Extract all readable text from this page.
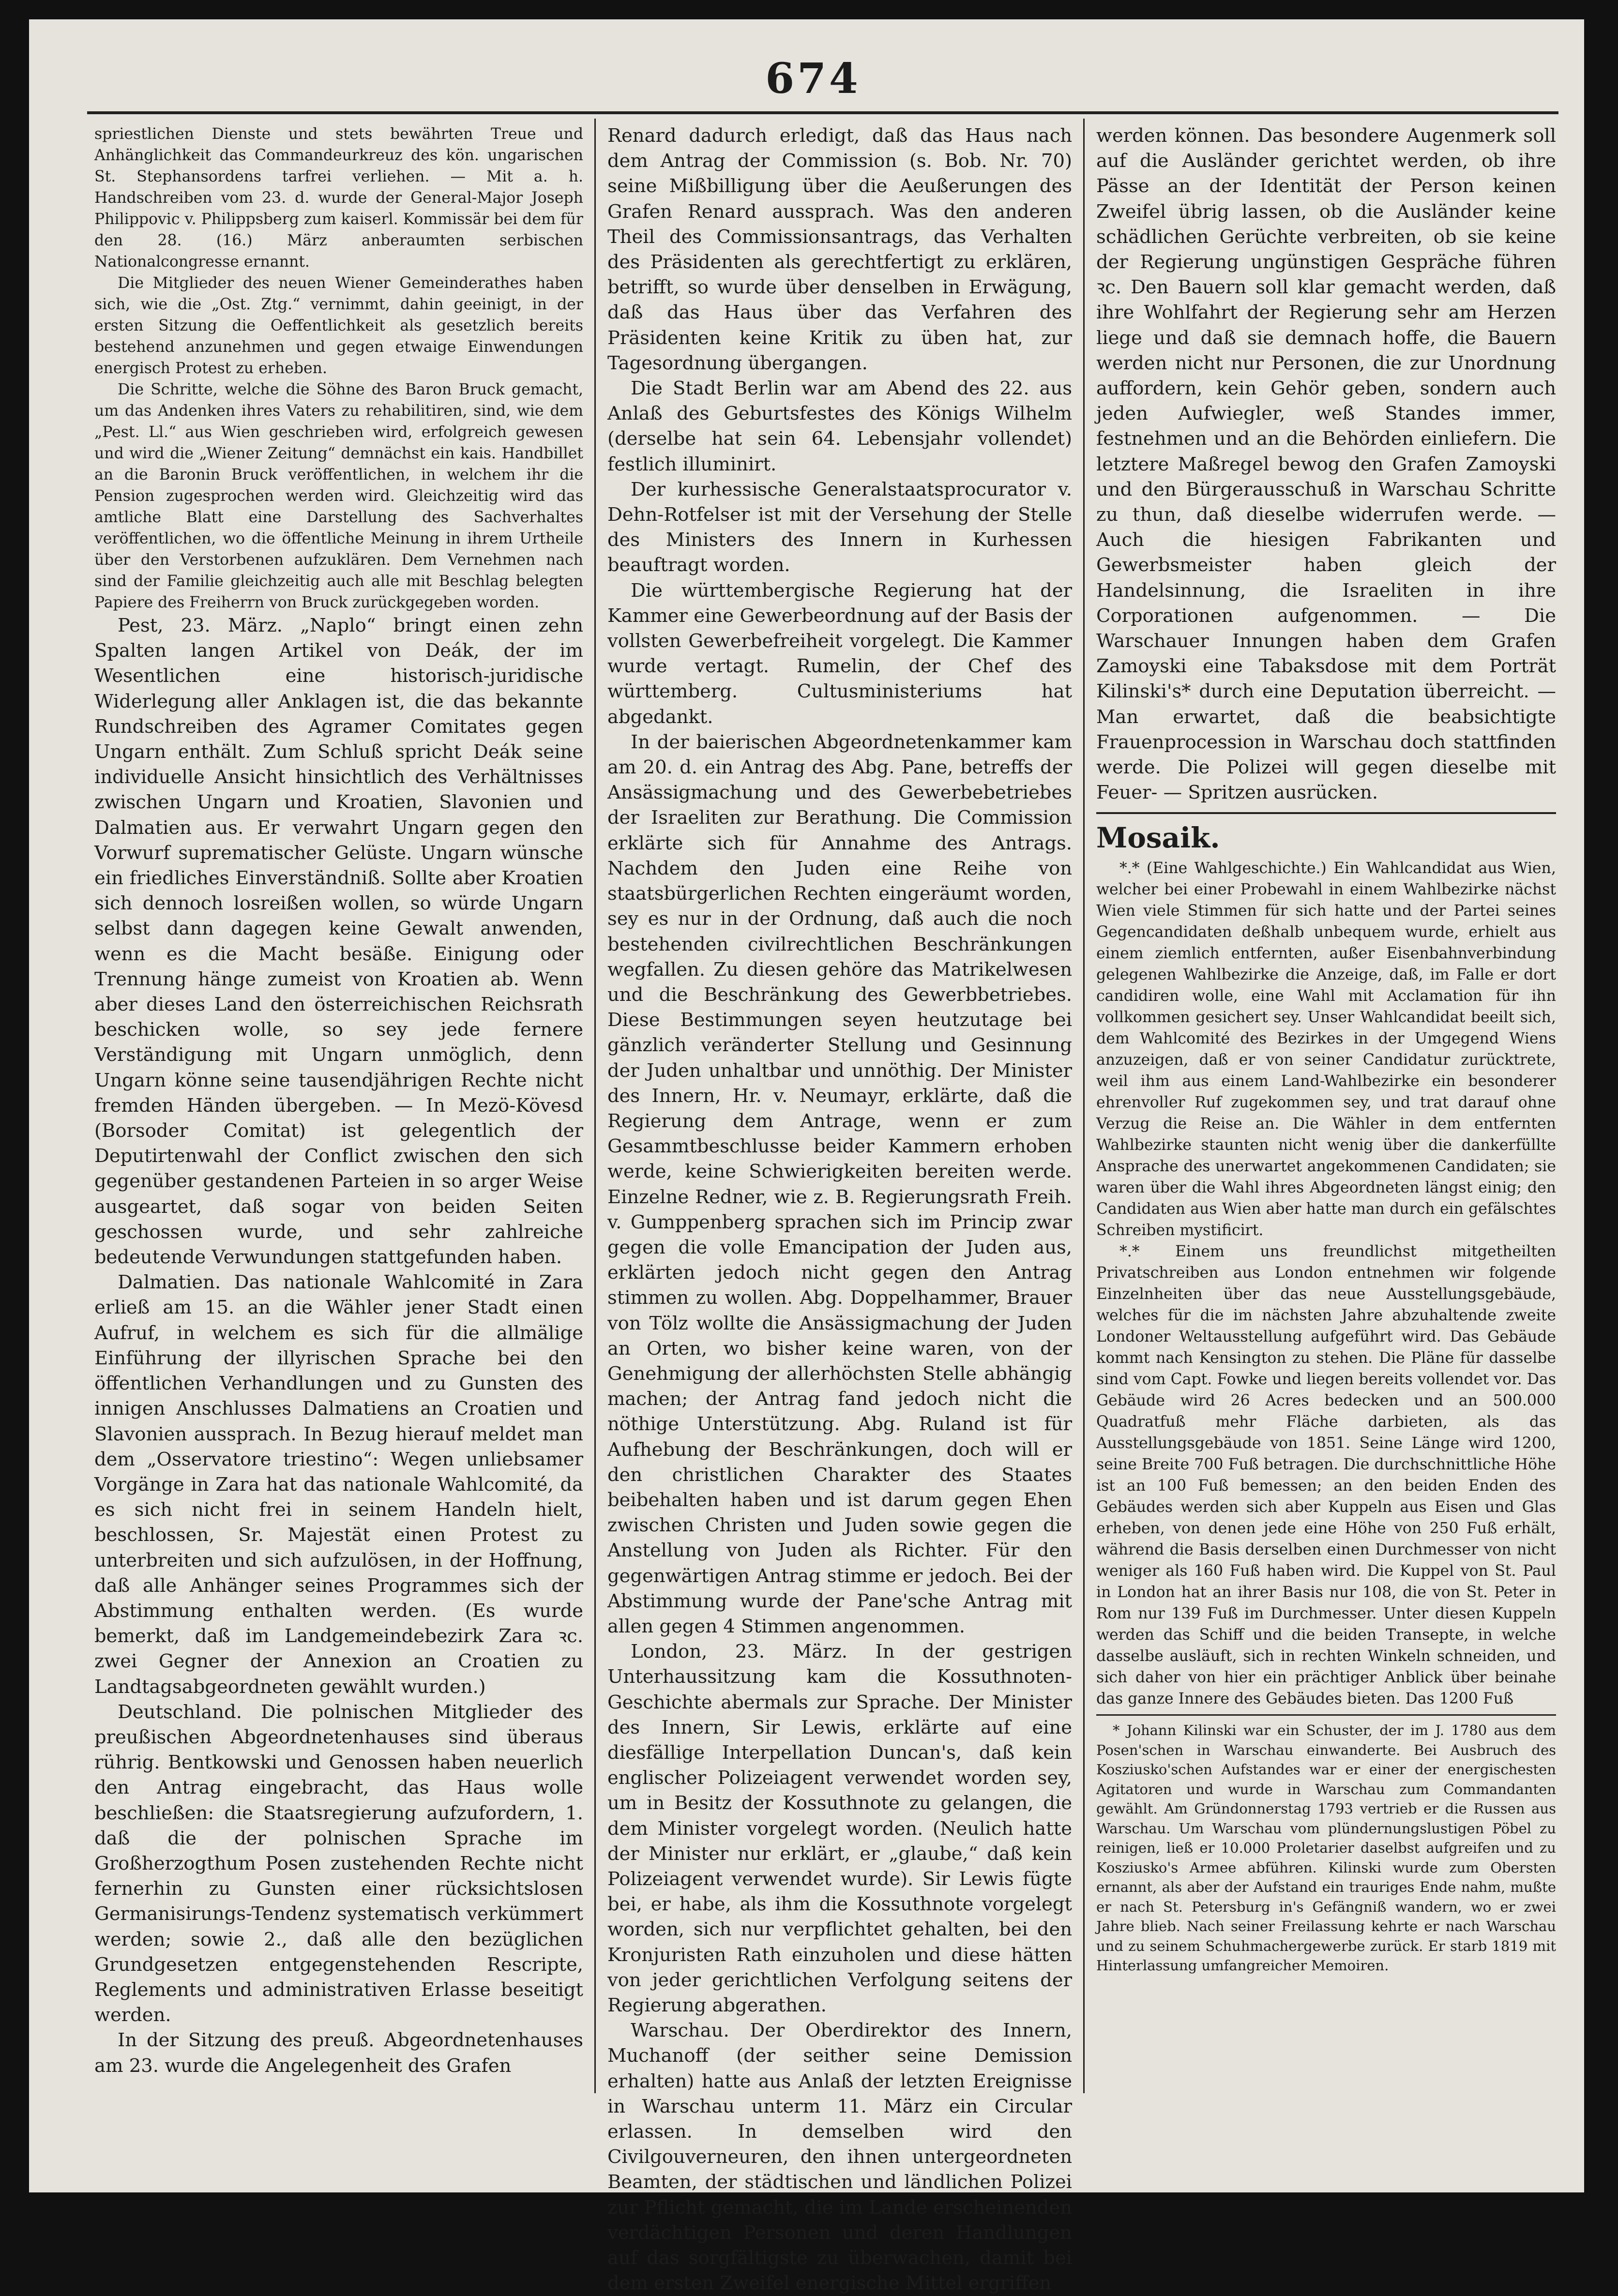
674

spriestlichen Dienste und stets bewährten Treue und Anhänglichkeit das Commandeurkreuz des kön. ungarischen St. Stephansordens tarfrei verliehen. — Mit a. h. Handschreiben vom 23. d. wurde der General-Major Joseph Philippovic v. Philippsberg zum kaiserl. Kommissär bei dem für den 28. (16.) März anberaumten serbischen Nationalcongresse ernannt.

Die Mitglieder des neuen Wiener Gemeinderathes haben sich, wie die „Ost. Ztg.“ vernimmt, dahin geeinigt, in der ersten Sitzung die Oeffentlichkeit als gesetzlich bereits bestehend anzunehmen und gegen etwaige Einwendungen energisch Protest zu erheben.

Die Schritte, welche die Söhne des Baron Bruck gemacht, um das Andenken ihres Vaters zu rehabilitiren, sind, wie dem „Pest. Ll.“ aus Wien geschrieben wird, erfolgreich gewesen und wird die „Wiener Zeitung“ demnächst ein kais. Handbillet an die Baronin Bruck veröffentlichen, in welchem ihr die Pension zugesprochen werden wird. Gleichzeitig wird das amtliche Blatt eine Darstellung des Sachverhaltes veröffentlichen, wo die öffentliche Meinung in ihrem Urtheile über den Verstorbenen aufzuklären. Dem Vernehmen nach sind der Familie gleichzeitig auch alle mit Beschlag belegten Papiere des Freiherrn von Bruck zurückgegeben worden.

Pest, 23. März. „Naplo“ bringt einen zehn Spalten langen Artikel von Deák, der im Wesentlichen eine historisch-juridische Widerlegung aller Anklagen ist, die das bekannte Rundschreiben des Agramer Comitates gegen Ungarn enthält. Zum Schluß spricht Deák seine individuelle Ansicht hinsichtlich des Verhältnisses zwischen Ungarn und Kroatien, Slavonien und Dalmatien aus. Er verwahrt Ungarn gegen den Vorwurf suprematischer Gelüste. Ungarn wünsche ein friedliches Einverständniß. Sollte aber Kroatien sich dennoch losreißen wollen, so würde Ungarn selbst dann dagegen keine Gewalt anwenden, wenn es die Macht besäße. Einigung oder Trennung hänge zumeist von Kroatien ab. Wenn aber dieses Land den österreichischen Reichsrath beschicken wolle, so sey jede fernere Verständigung mit Ungarn unmöglich, denn Ungarn könne seine tausendjährigen Rechte nicht fremden Händen übergeben. — In Mezö-Kövesd (Borsoder Comitat) ist gelegentlich der Deputirtenwahl der Conflict zwischen den sich gegenüber gestandenen Parteien in so arger Weise ausgeartet, daß sogar von beiden Seiten geschossen wurde, und sehr zahlreiche bedeutende Verwundungen stattgefunden haben.

Dalmatien. Das nationale Wahlcomité in Zara erließ am 15. an die Wähler jener Stadt einen Aufruf, in welchem es sich für die allmälige Einführung der illyrischen Sprache bei den öffentlichen Verhandlungen und zu Gunsten des innigen Anschlusses Dalmatiens an Croatien und Slavonien aussprach. In Bezug hierauf meldet man dem „Osservatore triestino“: Wegen unliebsamer Vorgänge in Zara hat das nationale Wahlcomité, da es sich nicht frei in seinem Handeln hielt, beschlossen, Sr. Majestät einen Protest zu unterbreiten und sich aufzulösen, in der Hoffnung, daß alle Anhänger seines Programmes sich der Abstimmung enthalten werden. (Es wurde bemerkt, daß im Landgemeindebezirk Zara ꝛc. zwei Gegner der Annexion an Croatien zu Landtagsabgeordneten gewählt wurden.)

Deutschland. Die polnischen Mitglieder des preußischen Abgeordnetenhauses sind überaus rührig. Bentkowski und Genossen haben neuerlich den Antrag eingebracht, das Haus wolle beschließen: die Staatsregierung aufzufordern, 1. daß die der polnischen Sprache im Großherzogthum Posen zustehenden Rechte nicht fernerhin zu Gunsten einer rücksichtslosen Germanisirungs-Tendenz systematisch verkümmert werden; sowie 2., daß alle den bezüglichen Grundgesetzen entgegenstehenden Rescripte, Reglements und administrativen Erlasse beseitigt werden.

In der Sitzung des preuß. Abgeordnetenhauses am 23. wurde die Angelegenheit des Grafen

Renard dadurch erledigt, daß das Haus nach dem Antrag der Commission (s. Bob. Nr. 70) seine Mißbilligung über die Aeußerungen des Grafen Renard aussprach. Was den anderen Theil des Commissionsantrags, das Verhalten des Präsidenten als gerechtfertigt zu erklären, betrifft, so wurde über denselben in Erwägung, daß das Haus über das Verfahren des Präsidenten keine Kritik zu üben hat, zur Tagesordnung übergangen.

Die Stadt Berlin war am Abend des 22. aus Anlaß des Geburtsfestes des Königs Wilhelm (derselbe hat sein 64. Lebensjahr vollendet) festlich illuminirt.

Der kurhessische Generalstaatsprocurator v. Dehn-Rotfelser ist mit der Versehung der Stelle des Ministers des Innern in Kurhessen beauftragt worden.

Die württembergische Regierung hat der Kammer eine Gewerbeordnung auf der Basis der vollsten Gewerbefreiheit vorgelegt. Die Kammer wurde vertagt. Rumelin, der Chef des württemberg. Cultusministeriums hat abgedankt.

In der baierischen Abgeordnetenkammer kam am 20. d. ein Antrag des Abg. Pane, betreffs der Ansässigmachung und des Gewerbebetriebes der Israeliten zur Berathung. Die Commission erklärte sich für Annahme des Antrags. Nachdem den Juden eine Reihe von staatsbürgerlichen Rechten eingeräumt worden, sey es nur in der Ordnung, daß auch die noch bestehenden civilrechtlichen Beschränkungen wegfallen. Zu diesen gehöre das Matrikelwesen und die Beschränkung des Gewerbbetriebes. Diese Bestimmungen seyen heutzutage bei gänzlich veränderter Stellung und Gesinnung der Juden unhaltbar und unnöthig. Der Minister des Innern, Hr. v. Neumayr, erklärte, daß die Regierung dem Antrage, wenn er zum Gesammtbeschlusse beider Kammern erhoben werde, keine Schwierigkeiten bereiten werde. Einzelne Redner, wie z. B. Regierungsrath Freih. v. Gumppenberg sprachen sich im Princip zwar gegen die volle Emancipation der Juden aus, erklärten jedoch nicht gegen den Antrag stimmen zu wollen. Abg. Doppelhammer, Brauer von Tölz wollte die Ansässigmachung der Juden an Orten, wo bisher keine waren, von der Genehmigung der allerhöchsten Stelle abhängig machen; der Antrag fand jedoch nicht die nöthige Unterstützung. Abg. Ruland ist für Aufhebung der Beschränkungen, doch will er den christlichen Charakter des Staates beibehalten haben und ist darum gegen Ehen zwischen Christen und Juden sowie gegen die Anstellung von Juden als Richter. Für den gegenwärtigen Antrag stimme er jedoch. Bei der Abstimmung wurde der Pane'sche Antrag mit allen gegen 4 Stimmen angenommen.

London, 23. März. In der gestrigen Unterhaussitzung kam die Kossuthnoten-Geschichte abermals zur Sprache. Der Minister des Innern, Sir Lewis, erklärte auf eine diesfällige Interpellation Duncan's, daß kein englischer Polizeiagent verwendet worden sey, um in Besitz der Kossuthnote zu gelangen, die dem Minister vorgelegt worden. (Neulich hatte der Minister nur erklärt, er „glaube,“ daß kein Polizeiagent verwendet wurde). Sir Lewis fügte bei, er habe, als ihm die Kossuthnote vorgelegt worden, sich nur verpflichtet gehalten, bei den Kronjuristen Rath einzuholen und diese hätten von jeder gerichtlichen Verfolgung seitens der Regierung abgerathen.

Warschau. Der Oberdirektor des Innern, Muchanoff (der seither seine Demission erhalten) hatte aus Anlaß der letzten Ereignisse in Warschau unterm 11. März ein Circular erlassen. In demselben wird den Civilgouverneuren, den ihnen untergeordneten Beamten, der städtischen und ländlichen Polizei zur Pflicht gemacht, die im Lande erscheinenden verdächtigen Personen und deren Handlungen auf das sorgfältigste zu überwachen, damit bei dem ersten Zweifel energische Mittel ergriffen

werden können. Das besondere Augenmerk soll auf die Ausländer gerichtet werden, ob ihre Pässe an der Identität der Person keinen Zweifel übrig lassen, ob die Ausländer keine schädlichen Gerüchte verbreiten, ob sie keine der Regierung ungünstigen Gespräche führen ꝛc. Den Bauern soll klar gemacht werden, daß ihre Wohlfahrt der Regierung sehr am Herzen liege und daß sie demnach hoffe, die Bauern werden nicht nur Personen, die zur Unordnung auffordern, kein Gehör geben, sondern auch jeden Aufwiegler, weß Standes immer, festnehmen und an die Behörden einliefern. Die letztere Maßregel bewog den Grafen Zamoyski und den Bürgerausschuß in Warschau Schritte zu thun, daß dieselbe widerrufen werde. — Auch die hiesigen Fabrikanten und Gewerbsmeister haben gleich der Handelsinnung, die Israeliten in ihre Corporationen aufgenommen. — Die Warschauer Innungen haben dem Grafen Zamoyski eine Tabaksdose mit dem Porträt Kilinski's* durch eine Deputation überreicht. — Man erwartet, daß die beabsichtigte Frauenprocession in Warschau doch stattfinden werde. Die Polizei will gegen dieselbe mit Feuer- — Spritzen ausrücken.

Mosaik.

*.* (Eine Wahlgeschichte.) Ein Wahlcandidat aus Wien, welcher bei einer Probewahl in einem Wahlbezirke nächst Wien viele Stimmen für sich hatte und der Partei seines Gegencandidaten deßhalb unbequem wurde, erhielt aus einem ziemlich entfernten, außer Eisenbahnverbindung gelegenen Wahlbezirke die Anzeige, daß, im Falle er dort candidiren wolle, eine Wahl mit Acclamation für ihn vollkommen gesichert sey. Unser Wahlcandidat beeilt sich, dem Wahlcomité des Bezirkes in der Umgegend Wiens anzuzeigen, daß er von seiner Candidatur zurücktrete, weil ihm aus einem Land-Wahlbezirke ein besonderer ehrenvoller Ruf zugekommen sey, und trat darauf ohne Verzug die Reise an. Die Wähler in dem entfernten Wahlbezirke staunten nicht wenig über die dankerfüllte Ansprache des unerwartet angekommenen Candidaten; sie waren über die Wahl ihres Abgeordneten längst einig; den Candidaten aus Wien aber hatte man durch ein gefälschtes Schreiben mystificirt.

*.* Einem uns freundlichst mitgetheilten Privatschreiben aus London entnehmen wir folgende Einzelnheiten über das neue Ausstellungsgebäude, welches für die im nächsten Jahre abzuhaltende zweite Londoner Weltausstellung aufgeführt wird. Das Gebäude kommt nach Kensington zu stehen. Die Pläne für dasselbe sind vom Capt. Fowke und liegen bereits vollendet vor. Das Gebäude wird 26 Acres bedecken und an 500.000 Quadratfuß mehr Fläche darbieten, als das Ausstellungsgebäude von 1851. Seine Länge wird 1200, seine Breite 700 Fuß betragen. Die durchschnittliche Höhe ist an 100 Fuß bemessen; an den beiden Enden des Gebäudes werden sich aber Kuppeln aus Eisen und Glas erheben, von denen jede eine Höhe von 250 Fuß erhält, während die Basis derselben einen Durchmesser von nicht weniger als 160 Fuß haben wird. Die Kuppel von St. Paul in London hat an ihrer Basis nur 108, die von St. Peter in Rom nur 139 Fuß im Durchmesser. Unter diesen Kuppeln werden das Schiff und die beiden Transepte, in welche dasselbe ausläuft, sich in rechten Winkeln schneiden, und sich daher von hier ein prächtiger Anblick über beinahe das ganze Innere des Gebäudes bieten. Das 1200 Fuß

* Johann Kilinski war ein Schuster, der im J. 1780 aus dem Posen'schen in Warschau einwanderte. Bei Ausbruch des Kosziusko'schen Aufstandes war er einer der energischesten Agitatoren und wurde in Warschau zum Commandanten gewählt. Am Gründonnerstag 1793 vertrieb er die Russen aus Warschau. Um Warschau vom plündernungslustigen Pöbel zu reinigen, ließ er 10.000 Proletarier daselbst aufgreifen und zu Kosziusko's Armee abführen. Kilinski wurde zum Obersten ernannt, als aber der Aufstand ein trauriges Ende nahm, mußte er nach St. Petersburg in's Gefängniß wandern, wo er zwei Jahre blieb. Nach seiner Freilassung kehrte er nach Warschau und zu seinem Schuhmachergewerbe zurück. Er starb 1819 mit Hinterlassung umfangreicher Memoiren.
